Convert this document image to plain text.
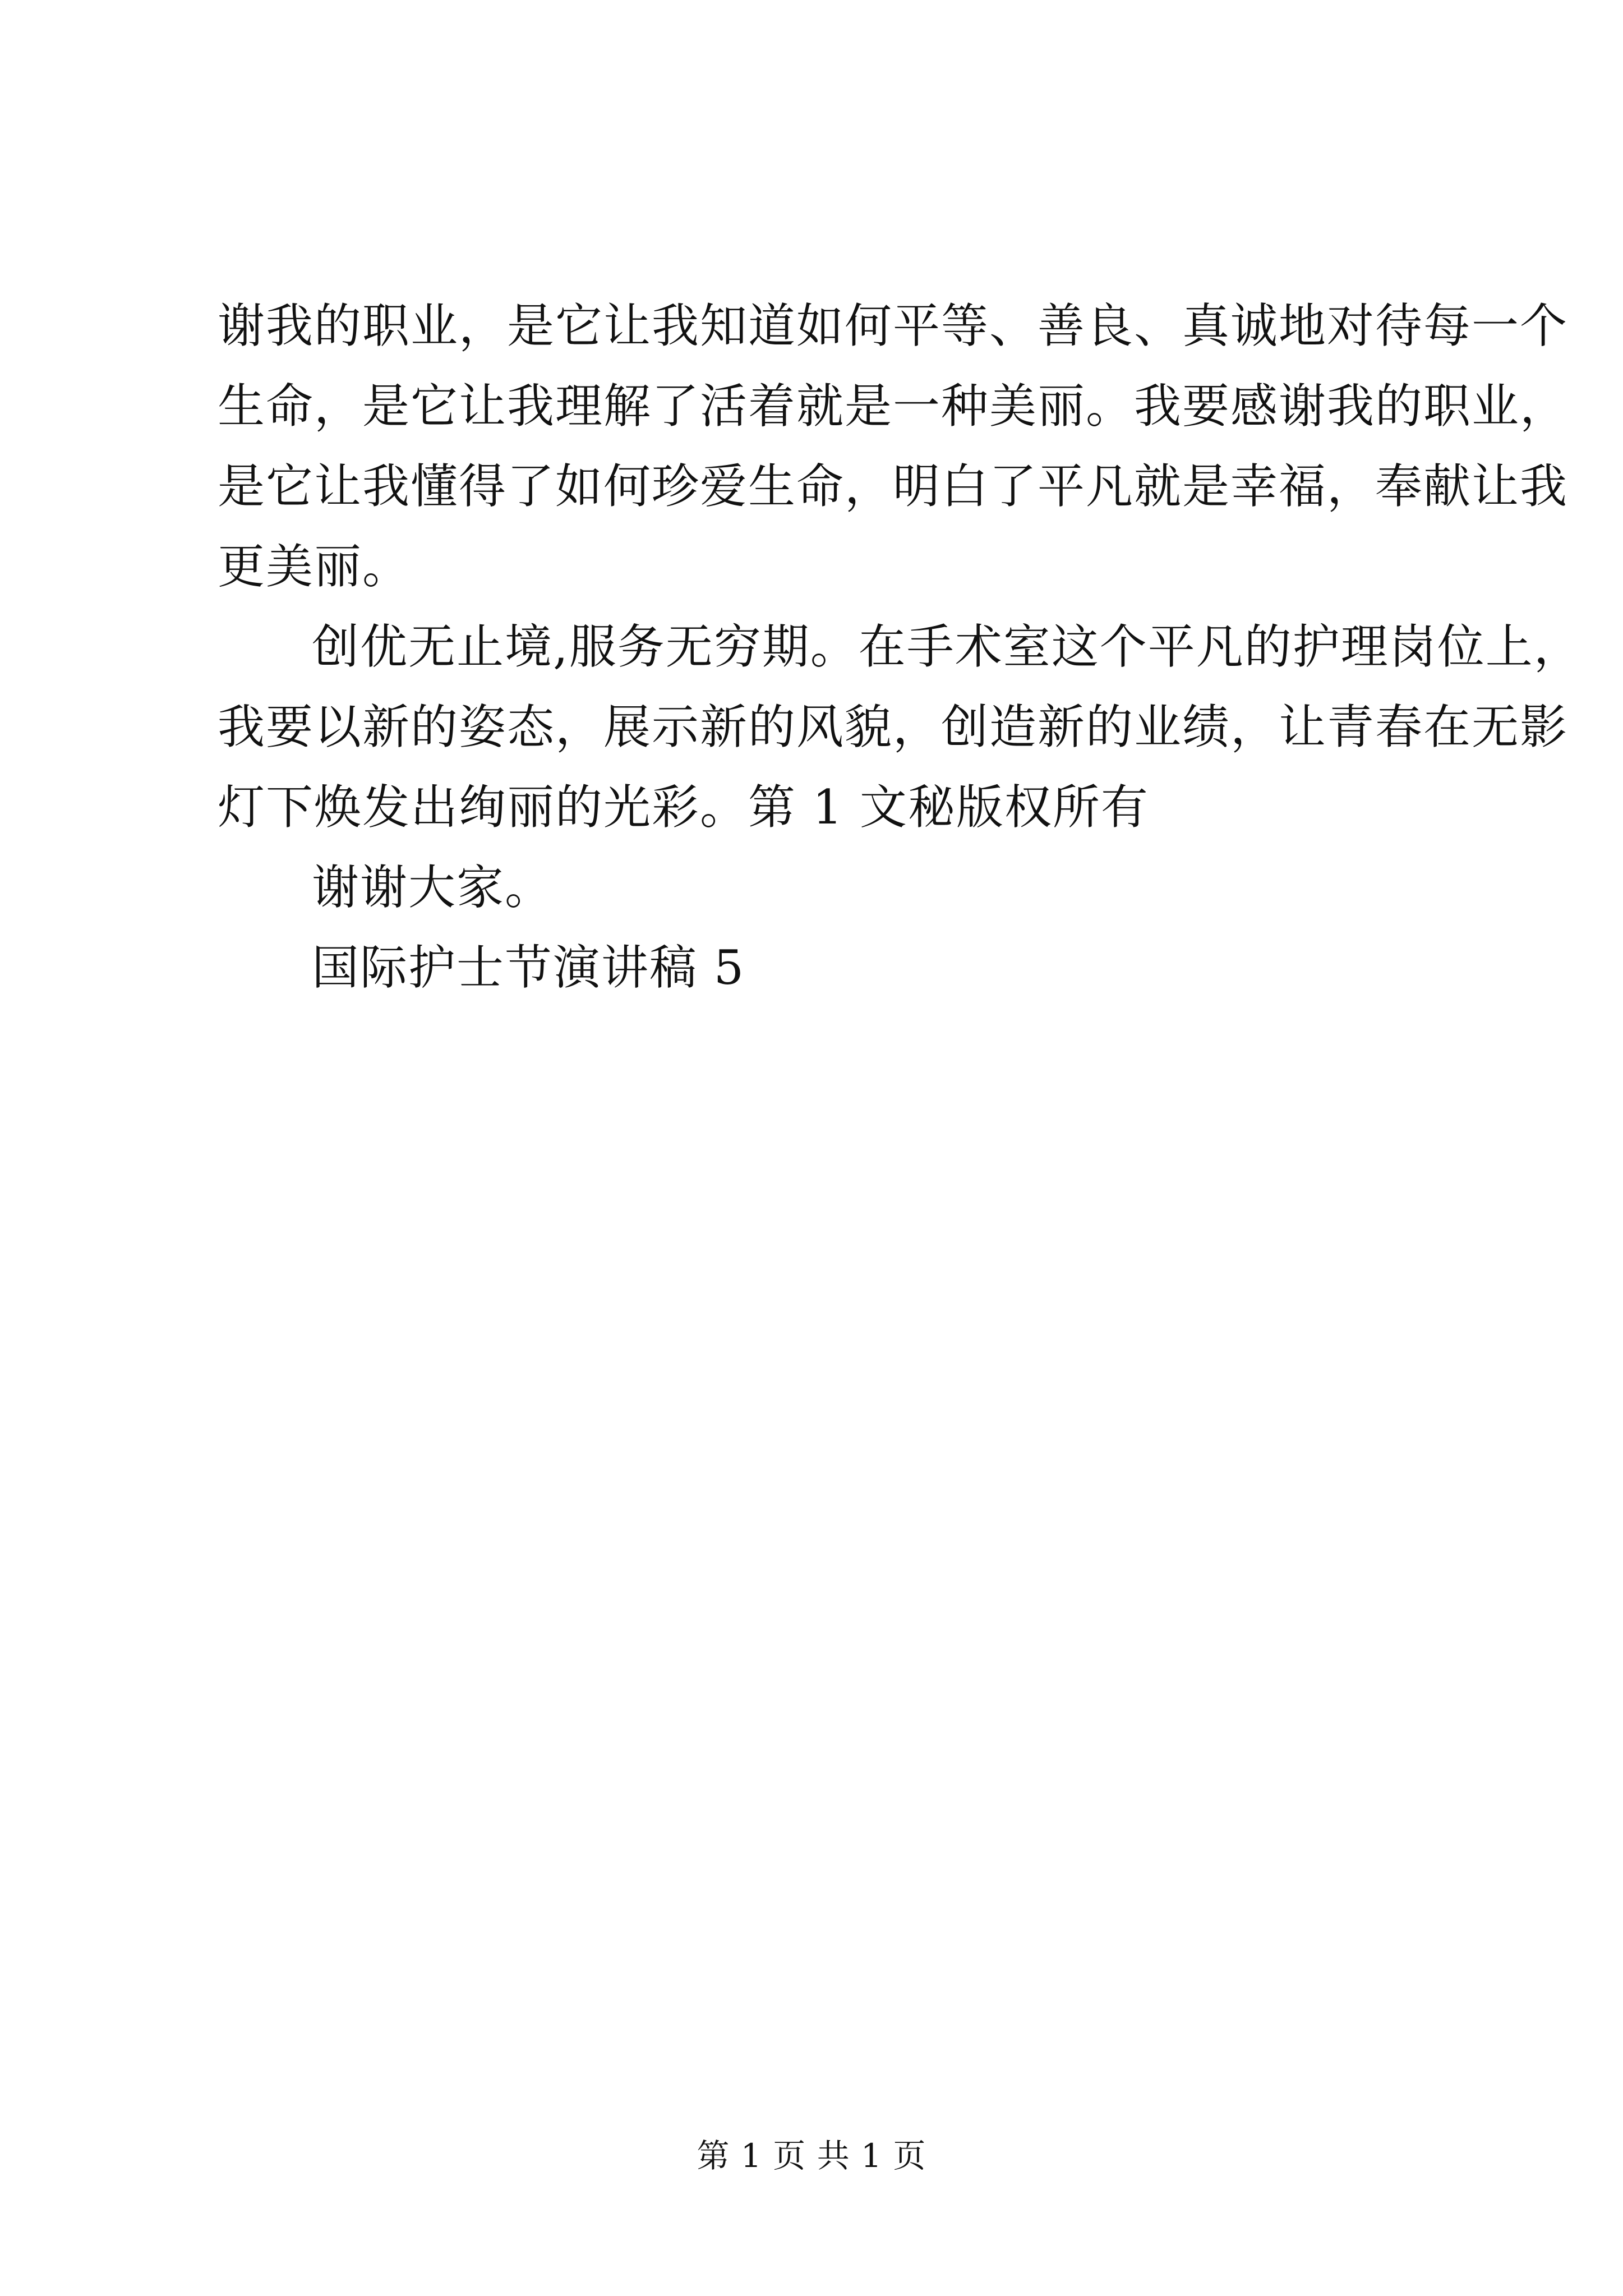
谢我的职业，是它让我知道如何平等、善良、真诚地对待每一个
生命，是它让我理解了活着就是一种美丽。我要感谢我的职业，
是它让我懂得了如何珍爱生命，明白了平凡就是幸福，奉献让我
更美丽。
创优无止境,服务无穷期。在手术室这个平凡的护理岗位上，
我要以新的姿态，展示新的风貌，创造新的业绩，让青春在无影
灯下焕发出绚丽的光彩。第 1 文秘版权所有
谢谢大家。
国际护士节演讲稿 5
第 1 页 共 1 页
